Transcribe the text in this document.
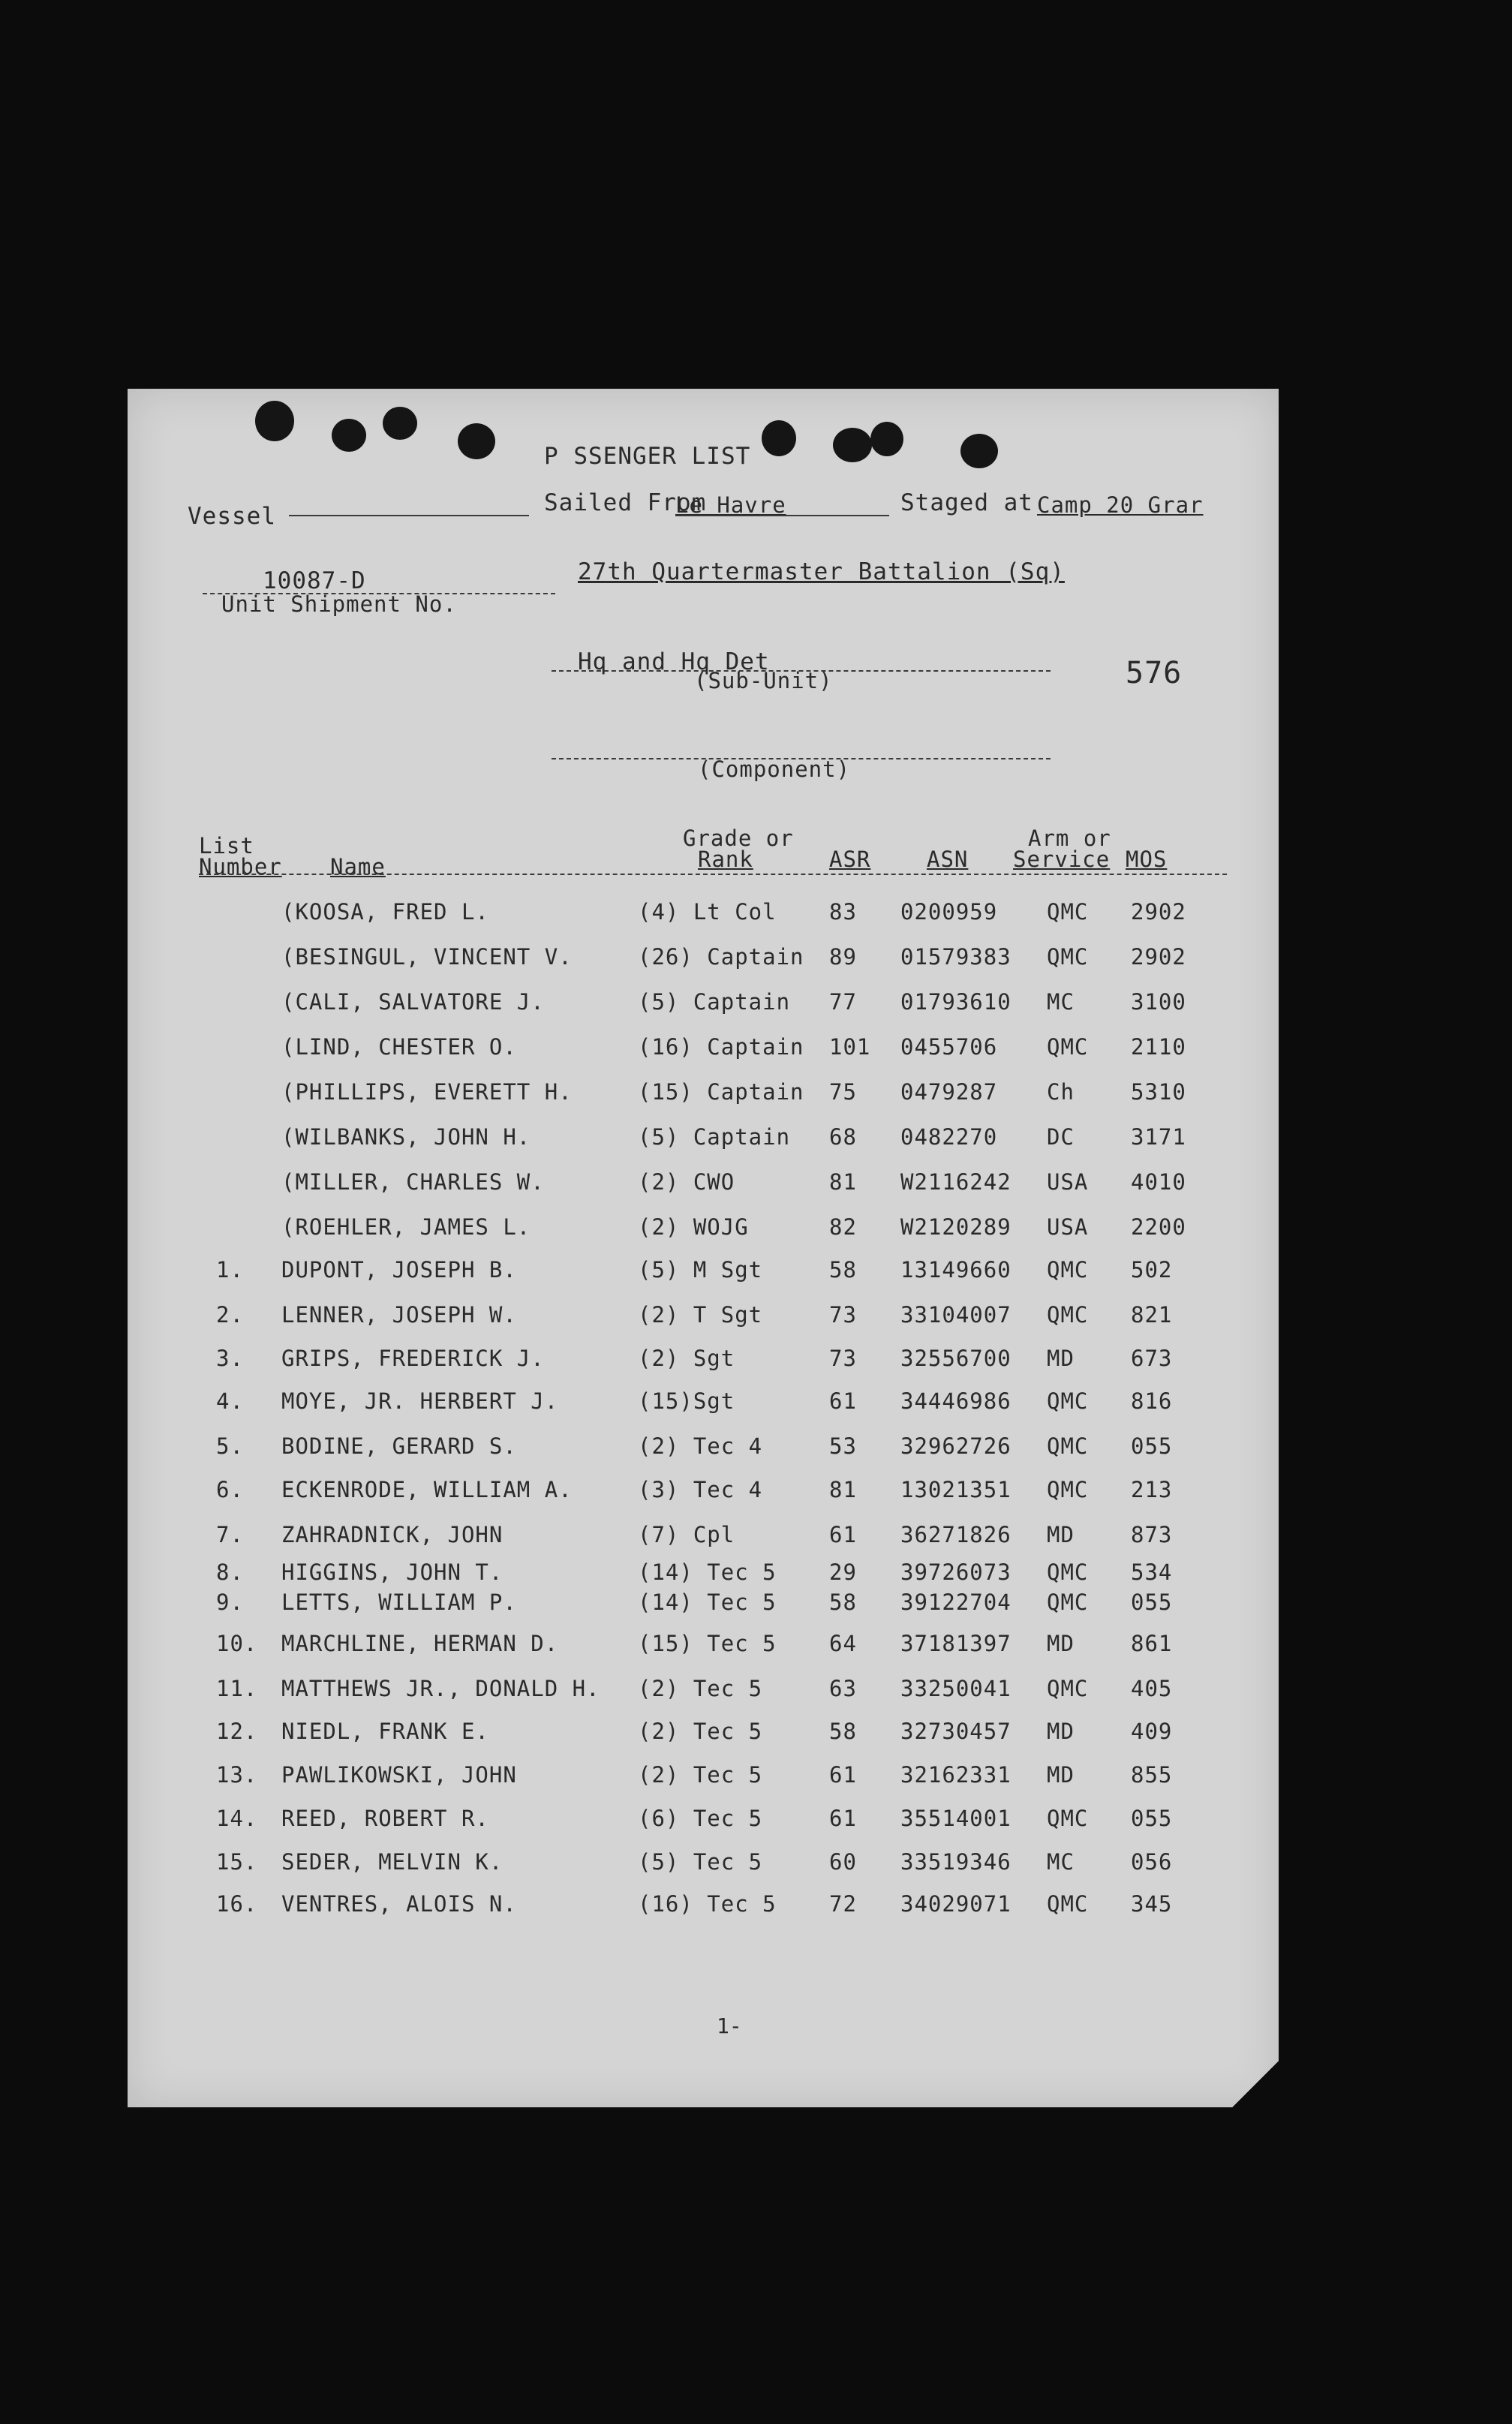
P SSENGER LIST
Vessel	Sailed From
Le Havre	Staged at Camp 20 Grar
10087-D
Unit Shipment No.
27th Quartermaster Battalion (Sq)
Hq and Hq Det
(Sub-Unit)	576
(Component)
List
Number Name
Grade or
Rank	ASR	ASN
Arm or
Service MOS
(KOOSA, FRED L.	(4) Lt Col 83 0200959 QMC 2902
(BESINGUL, VINCENT V.	(26) Captain 89 01579383 QMC 2902
(CALI, SALVATORE J.	(5) Captain 77 01793610 MC	3100
(LIND, CHESTER O.	(16) Captain 101 0455706 QMC 2110
(PHILLIPS, EVERETT H.	(15) Captain 75 0479287 Ch	5310
(WILBANKS, JOHN H.	(5) Captain 68 0482270 DC	3171
(MILLER, CHARLES W.	(2) CWO	81 W2116242 USA 4010
(ROEHLER, JAMES L.	(2) WOJG	82 W2120289 USA 2200
1. DUPONT, JOSEPH B.	(5) M Sgt	58 13149660 QMC 502
2. LENNER, JOSEPH W.	(2) T Sgt	73 33104007 QMC 821
3. GRIPS, FREDERICK J.	(2) Sgt	73 32556700 MD	673
4. MOYE, JR. HERBERT J.	(15)Sgt	61 34446986 QMC 816
5. BODINE, GERARD S.	(2) Tec 4	53 32962726 QMC 055
6. ECKENRODE, WILLIAM A.	(3) Tec 4	81 13021351 QMC 213
7. ZAHRADNICK, JOHN	(7) Cpl	61 36271826 MD	873
8. HIGGINS, JOHN T.	(14) Tec 5 29 39726073 QMC 534
9. LETTS, WILLIAM P.	(14) Tec 5 58 39122704 QMC 055
10. MARCHLINE, HERMAN D.	(15) Tec 5 64 37181397 MD	861
11. MATTHEWS JR., DONALD H. (2) Tec 5	63 33250041 QMC 405
12. NIEDL, FRANK E.	(2) Tec 5	58 32730457 MD	409
13. PAWLIKOWSKI, JOHN	(2) Tec 5	61 32162331 MD	855
14. REED, ROBERT R.	(6) Tec 5	61 35514001 QMC 055
15. SEDER, MELVIN K.	(5) Tec 5	60 33519346 MC	056
16. VENTRES, ALOIS N.	(16) Tec 5 72 34029071 QMC 345
1-
